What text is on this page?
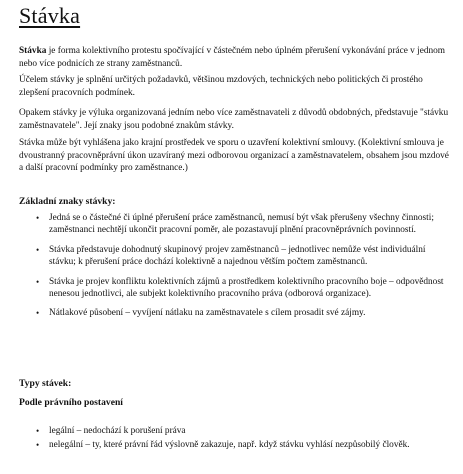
Stávka

Stávka je forma kolektivního protestu spočívající v částečném nebo úplném přerušení vykonávání práce v jednom nebo více podnicích ze strany zaměstnanců.

Účelem stávky je splnění určitých požadavků, většinou mzdových, technických nebo politických či prostého zlepšení pracovních podmínek.

Opakem stávky je výluka organizovaná jedním nebo více zaměstnavateli z důvodů obdobných, představuje "stávku zaměstnavatele". Její znaky jsou podobné znakům stávky.

Stávka může být vyhlášena jako krajní prostředek ve sporu o uzavření kolektivní smlouvy. (Kolektivní smlouva je dvoustranný pracovněprávní úkon uzavíraný mezi odborovou organizací a zaměstnavatelem, obsahem jsou mzdové a další pracovní podmínky pro zaměstnance.)

Základní znaky stávky:
• Jedná se o částečné či úplné přerušení práce zaměstnanců, nemusí být však přerušeny všechny činnosti; zaměstnanci nechtějí ukončit pracovní poměr, ale pozastavují plnění pracovněprávních povinností.
• Stávka představuje dohodnutý skupinový projev zaměstnanců – jednotlivec nemůže vést individuální stávku; k přerušení práce dochází kolektivně a najednou větším počtem zaměstnanců.
• Stávka je projev konfliktu kolektivních zájmů a prostředkem kolektivního pracovního boje – odpovědnost nenesou jednotlivci, ale subjekt kolektivního pracovního práva (odborová organizace).
• Nátlakové působení – vyvíjení nátlaku na zaměstnavatele s cílem prosadit své zájmy.
Typy stávek:
Podle právního postavení
• legální – nedochází k porušení práva
• nelegální – ty, které právní řád výslovně zakazuje, např. když stávku vyhlásí nezpůsobilý člověk.
